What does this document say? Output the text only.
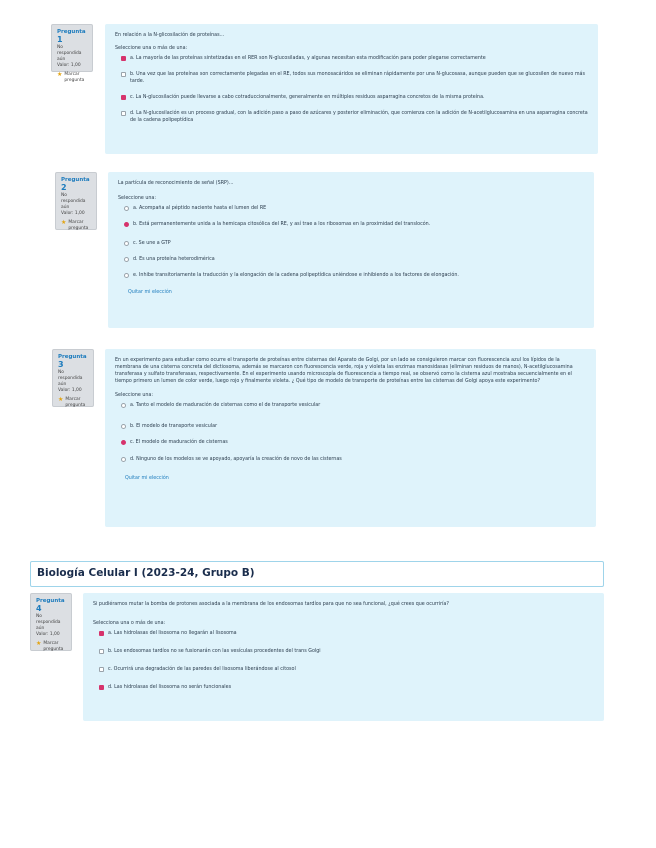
Pregunta 1
No respondida aún
Valor: 1,00
★ Marcar pregunta
En relación a la N-glicosilación de proteínas...
Seleccione una o más de una:
a. La mayoría de las proteínas sintetizadas en el RER son N-glucosiladas, y algunas necesitan esta modificación para poder plegarse correctamente
b. Una vez que las proteínas son correctamente plegadas en el RE, todos sus monosacáridos se eliminan rápidamente por una N-glucosasa, aunque pueden que se glucosilen de nuevo más tarde.
c. La N-glucosilación puede llevarse a cabo cotraduccionalmente, generalmente en múltiples residuos asparragina concretos de la misma proteína.
d. La N-glucosilación es un proceso gradual, con la adición paso a paso de azúcares y posterior eliminación, que comienza con la adición de N-acetilglucosamina en una asparragina concreta de la cadena polipeptídica
Pregunta 2
No respondida aún
Valor: 1,00
★ Marcar pregunta
La partícula de reconocimiento de señal (SRP)...
Seleccione una:
a. Acompaña al péptido naciente hasta el lumen del RE
b. Está permanentemente unida a la hemicapa citosólica del RE, y así trae a los ribosomas en la proximidad del translocón.
c. Se une a GTP
d. Es una proteína heterodimérica
e. Inhibe transitoriamente la traducción y la elongación de la cadena polipeptídica uniéndose e inhibiendo a los factores de elongación.
Quitar mi elección
Pregunta 3
No respondida aún
Valor: 1,00
★ Marcar pregunta
En un experimento para estudiar como ocurre el transporte de proteínas entre cisternas del Aparato de Golgi, por un lado se consiguieron marcar con fluorescencia azul los lípidos de la membrana de una cisterna concreta del dictiosoma, además se marcaron con fluorescencia verde, roja y violeta las enzimas manosidasas (eliminan residuos de manos), N-acetilglucosamina transferasa y sulfato transferasas, respectivamente. En el experimento usando microscopía de fluorescencia a tiempo real, se observó como la cisterna azul mostraba secuencialmente en el tiempo primero un lumen de color verde, luego rojo y finalmente violeta. ¿ Qué tipo de modelo de transporte de proteínas entre las cisternas del Golgi apoya este experimento?
Seleccione una:
a. Tanto el modelo de maduración de cisternas como el de transporte vesicular
b. El modelo de transporte vesicular
c. El modelo de maduración de cisternas
d. Ninguno de los modelos se ve apoyado, apoyaría la creación de novo de las cisternas
Quitar mi elección
Biología Celular I (2023-24, Grupo B)
Pregunta 4
No respondida aún
Valor: 1,00
★ Marcar pregunta
Si pudiéramos mutar la bomba de protones asociada a la membrana de los endosomas tardíos para que no sea funcional, ¿qué crees que ocurriría?
Selecciona una o más de una:
a. Las hidrolasas del lisosoma no llegarán al lisosoma
b. Los endosomas tardíos no se fusionarán con las vesículas procedentes del trans Golgi
c. Ocurrirá una degradación de las paredes del lisosoma liberándose al citosol
d. Las hidrolasas del lisosoma no serán funcionales
